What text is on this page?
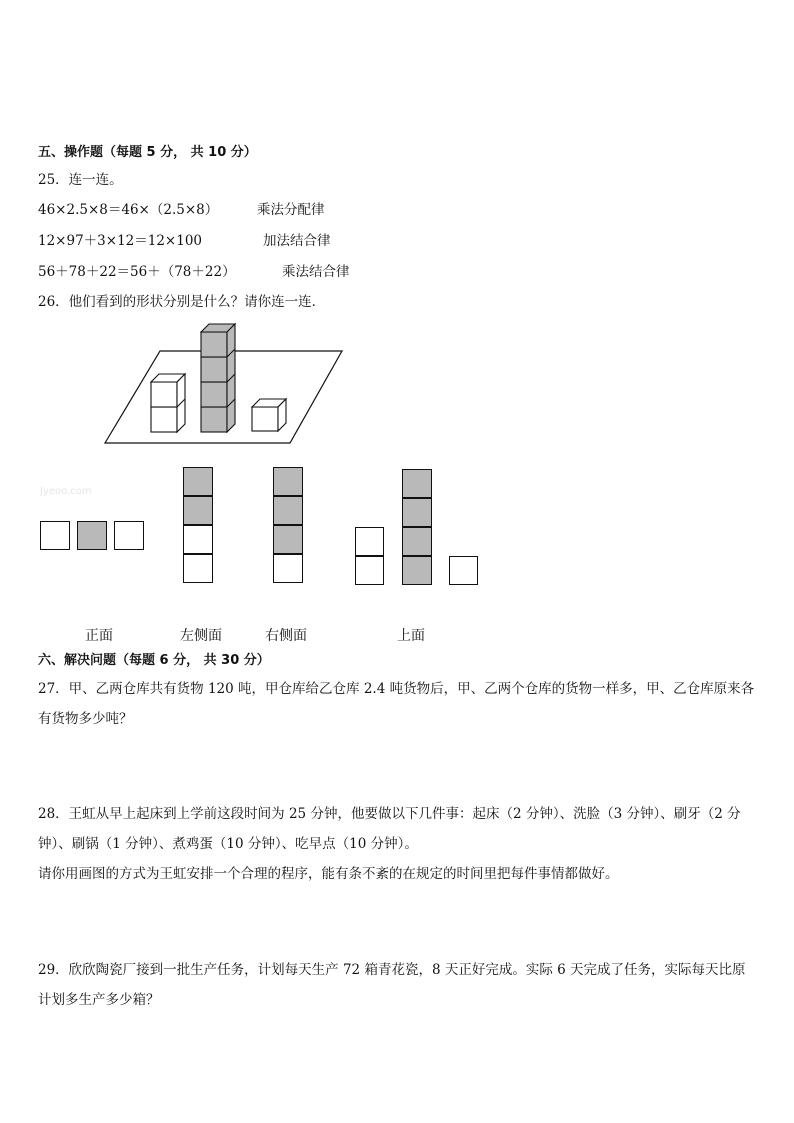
五、操作题（每题 5 分， 共 10 分）
25．连一连。
46×2.5×8＝46×（2.5×8）	乘法分配律
12×97＋3×12＝12×100	加法结合律
56＋78＋22＝56＋（78＋22）	乘法结合律
26．他们看到的形状分别是什么？请你连一连．
Jyeoo.com
正面	左侧面	右侧面	上面
六、解决问题（每题 6 分， 共 30 分）
27．甲、乙两仓库共有货物 120 吨，甲仓库给乙仓库 2.4 吨货物后，甲、乙两个仓库的货物一样多，甲、乙仓库原来各
有货物多少吨？
28．王虹从早上起床到上学前这段时间为 25 分钟，他要做以下几件事：起床（2 分钟）、洗脸（3 分钟）、刷牙（2 分
钟）、刷锅（1 分钟）、煮鸡蛋（10 分钟）、吃早点（10 分钟）。
请你用画图的方式为王虹安排一个合理的程序，能有条不紊的在规定的时间里把每件事情都做好。
29．欣欣陶瓷厂接到一批生产任务，计划每天生产 72 箱青花瓷，8 天正好完成。实际 6 天完成了任务，实际每天比原
计划多生产多少箱？
